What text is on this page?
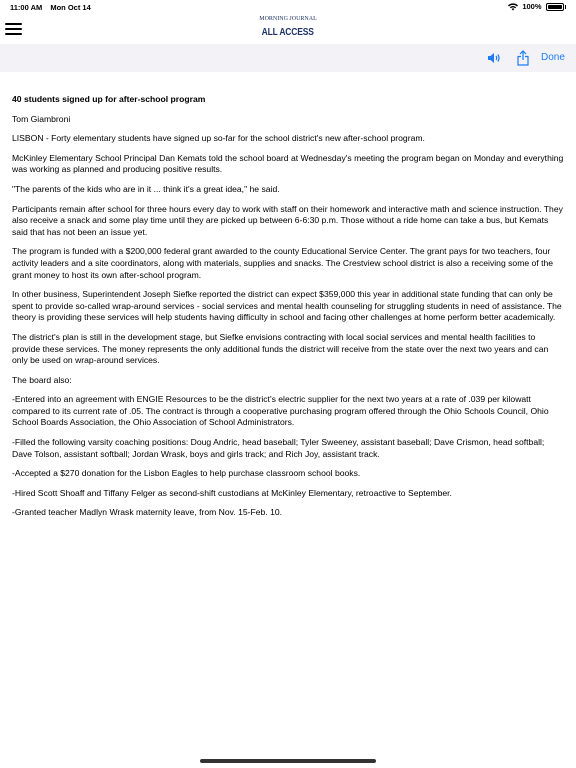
11:00 AM Mon Oct 14	100%
MORNING JOURNAL
ALL ACCESS
Done
40 students signed up for after-school program

Tom Giambroni

LISBON - Forty elementary students have signed up so-far for the school district's new after-school program.

McKinley Elementary School Principal Dan Kemats told the school board at Wednesday's meeting the program began on Monday and everything was working as planned and producing positive results.

"The parents of the kids who are in it ... think it's a great idea," he said.

Participants remain after school for three hours every day to work with staff on their homework and interactive math and science instruction. They also receive a snack and some play time until they are picked up between 6-6:30 p.m. Those without a ride home can take a bus, but Kemats said that has not been an issue yet.

The program is funded with a $200,000 federal grant awarded to the county Educational Service Center. The grant pays for two teachers, four activity leaders and a site coordinators, along with materials, supplies and snacks. The Crestview school district is also a receiving some of the grant money to host its own after-school program.

In other business, Superintendent Joseph Siefke reported the district can expect $359,000 this year in additional state funding that can only be spent to provide so-called wrap-around services - social services and mental health counseling for struggling students in need of assistance. The theory is providing these services will help students having difficulty in school and facing other challenges at home perform better academically.

The district's plan is still in the development stage, but Siefke envisions contracting with local social services and mental health facilities to provide these services. The money represents the only additional funds the district will receive from the state over the next two years and can only be used on wrap-around services.

The board also:

-Entered into an agreement with ENGIE Resources to be the district's electric supplier for the next two years at a rate of .039 per kilowatt compared to its current rate of .05. The contract is through a cooperative purchasing program offered through the Ohio Schools Council, Ohio School Boards Association, the Ohio Association of School Administrators.

-Filled the following varsity coaching positions: Doug Andric, head baseball; Tyler Sweeney, assistant baseball; Dave Crismon, head softball; Dave Tolson, assistant softball; Jordan Wrask, boys and girls track; and Rich Joy, assistant track.

-Accepted a $270 donation for the Lisbon Eagles to help purchase classroom school books.

-Hired Scott Shoaff and Tiffany Felger as second-shift custodians at McKinley Elementary, retroactive to September.

-Granted teacher Madlyn Wrask maternity leave, from Nov. 15-Feb. 10.
